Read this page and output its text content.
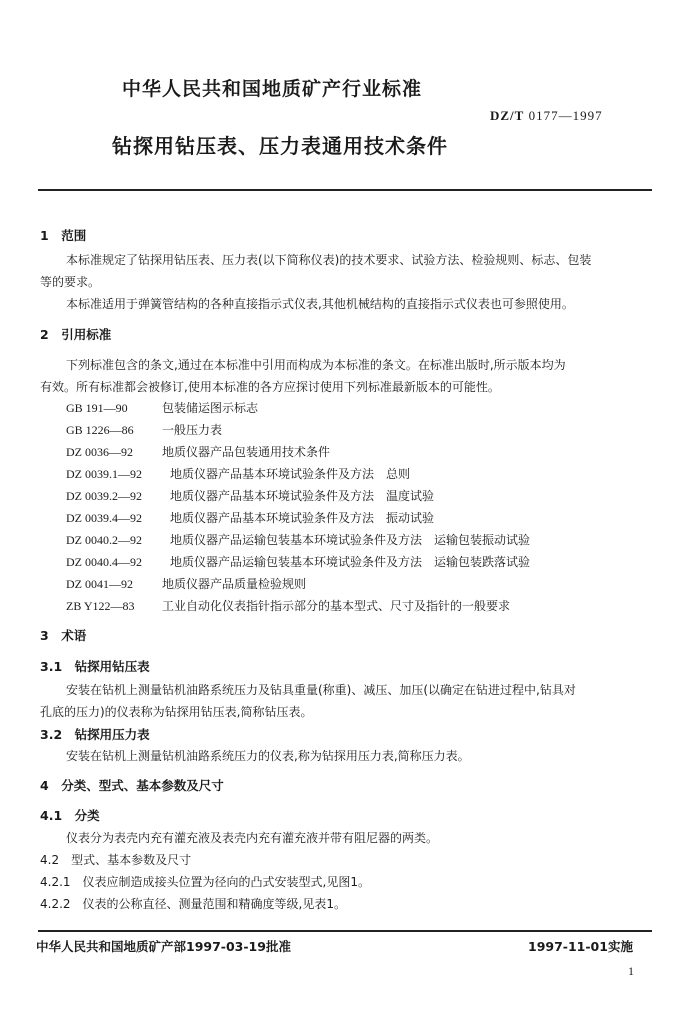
中华人民共和国地质矿产行业标准
DZ/T 0177—1997
钻探用钻压表、压力表通用技术条件
1　范围
本标准规定了钻探用钻压表、压力表(以下简称仪表)的技术要求、试验方法、检验规则、标志、包装
等的要求。
本标准适用于弹簧管结构的各种直接指示式仪表,其他机械结构的直接指示式仪表也可参照使用。
2　引用标准
下列标准包含的条文,通过在本标准中引用而构成为本标准的条文。在标准出版时,所示版本均为
有效。所有标准都会被修订,使用本标准的各方应探讨使用下列标准最新版本的可能性。
GB 191—90	包装储运图示标志
GB 1226—86 一般压力表
DZ 0036—92 地质仪器产品包装通用技术条件
DZ 0039.1—92 地质仪器产品基本环境试验条件及方法　总则
DZ 0039.2—92 地质仪器产品基本环境试验条件及方法　温度试验
DZ 0039.4—92 地质仪器产品基本环境试验条件及方法　振动试验
DZ 0040.2—92 地质仪器产品运输包装基本环境试验条件及方法　运输包装振动试验
DZ 0040.4—92 地质仪器产品运输包装基本环境试验条件及方法　运输包装跌落试验
DZ 0041—92 地质仪器产品质量检验规则
ZB Y122—83 工业自动化仪表指针指示部分的基本型式、尺寸及指针的一般要求
3　术语
3.1　钻探用钻压表
安装在钻机上测量钻机油路系统压力及钻具重量(称重)、减压、加压(以确定在钻进过程中,钻具对
孔底的压力)的仪表称为钻探用钻压表,简称钻压表。
3.2　钻探用压力表
安装在钻机上测量钻机油路系统压力的仪表,称为钻探用压力表,简称压力表。
4　分类、型式、基本参数及尺寸
4.1　分类
仪表分为表壳内充有灌充液及表壳内充有灌充液并带有阻尼器的两类。
4.2　型式、基本参数及尺寸
4.2.1　仪表应制造成接头位置为径向的凸式安装型式,见图1。
4.2.2　仪表的公称直径、测量范围和精确度等级,见表1。
中华人民共和国地质矿产部1997-03-19批准	1997-11-01实施
1
